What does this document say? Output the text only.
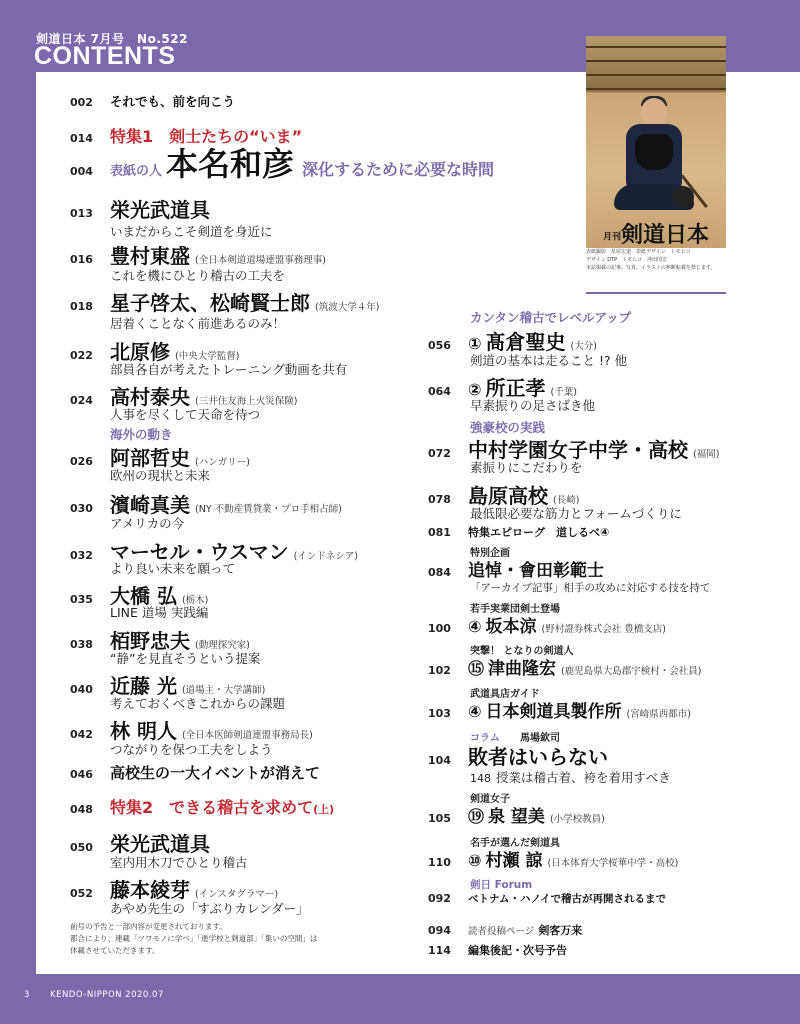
剣道日本 7月号　No.522
CONTENTS
月刊剣道日本
表紙撮影　星屋宏道　表紙デザイン　トモヒコ
デザイン DTP　トモヒコ　沖田国宏
本誌掲載の記事、写真、イラストの無断転載を禁じます。
002	それでも、前を向こう
014	特集1　剣士たちの“いま”
004	表紙の人 本名和彦 深化するために必要な時間
013 栄光武道具
いまだからこそ剣道を身近に
016 豊村東盛 (全日本剣道道場連盟事務理事)
これを機にひとり稽古の工夫を
018 星子啓太、松崎賢士郎 (筑波大学４年)
居着くことなく前進あるのみ！
022 北原修 (中央大学監督)
部員各自が考えたトレーニング動画を共有
024 高村泰央 (三井住友海上火災保険)
人事を尽くして天命を待つ
海外の動き
026 阿部哲史 (ハンガリー)
欧州の現状と未来
030 濱崎真美 (NY 不動産賃貸業・プロ手相占師)
アメリカの今
032 マーセル・ウスマン (インドネシア)
より良い未来を願って
035 大橋 弘 (栃木)
LINE 道場 実践編
038 栢野忠夫 (動理探究家)
“静”を見直そうという提案
040 近藤 光 (道場主・大学講師)
考えておくべきこれからの課題
042 林 明人 (全日本医師剣道連盟事務局長)
つながりを保つ工夫をしよう
046	高校生の一大イベントが消えて
048	特集2　できる稽古を求めて (上)
050 栄光武道具
室内用木刀でひとり稽古
052 藤本綾芽 (インスタグラマー)
あやめ先生の「すぶりカレンダー」
前号の予告と一部内容が変更されております。
都合により、連載「ツワモノに学べ」「進学校と剣道部」「集いの空間」は
休載させていただきます。
カンタン稽古でレベルアップ
056	① 髙倉聖史 (大分)
剣道の基本は走ること !? 他
064	② 所正孝 (千葉)
早素振りの足さばき他
強豪校の実践
072 中村学園女子中学・高校 (福岡)
素振りにこだわりを
078 島原高校 (長崎)
最低限必要な筋力とフォームづくりに
081	特集エピローグ　道しるべ④
特別企画
084	追悼・會田彰範士
「アーカイブ記事」相手の攻めに対応する技を持て
若手実業団剣士登場
100	④ 坂本涼 (野村證券株式会社 豊橋支店)
突撃！ となりの剣道人
102	⑮ 津曲隆宏 (鹿児島県大島郡宇検村・会社員)
武道具店ガイド
103	④ 日本剣道具製作所 (宮崎県西都市)
コラム 馬場欽司
104 敗者はいらない
148 授業は稽古着、袴を着用すべき
剣道女子
105	⑲ 泉 望美 (小学校教員)
名手が選んだ剣道具
110	⑩ 村瀬 諒 (日本体育大学桜華中学・高校)
剣日 Forum
092	ベトナム・ハノイで稽古が再開されるまで
094	読者投稿ページ 剣客万来
114	編集後記・次号予告
3 KENDO-NIPPON 2020.07
